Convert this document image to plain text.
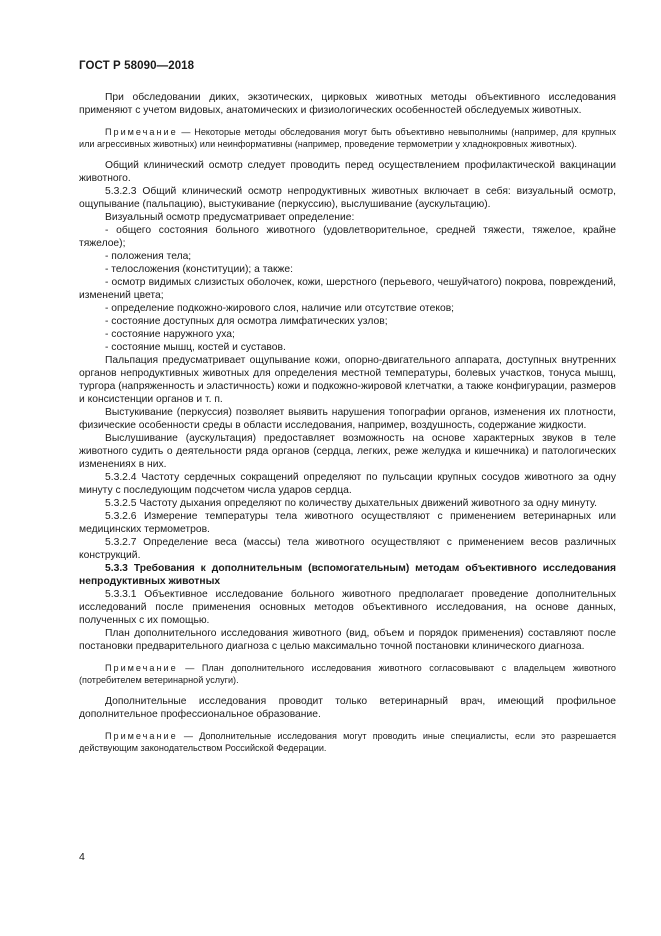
ГОСТ Р 58090—2018

При обследовании диких, экзотических, цирковых животных методы объективного исследования применяют с учетом видовых, анатомических и физиологических особенностей обследуемых животных.

Примечание — Некоторые методы обследования могут быть объективно невыполнимы (например, для крупных или агрессивных животных) или неинформативны (например, проведение термометрии у хладнокровных животных).

Общий клинический осмотр следует проводить перед осуществлением профилактической вакцинации животного.

5.3.2.3 Общий клинический осмотр непродуктивных животных включает в себя: визуальный осмотр, ощупывание (пальпацию), выстукивание (перкуссию), выслушивание (аускультацию).

Визуальный осмотр предусматривает определение:

- общего состояния больного животного (удовлетворительное, средней тяжести, тяжелое, крайне тяжелое);

- положения тела;

- телосложения (конституции); а также:

- осмотр видимых слизистых оболочек, кожи, шерстного (перьевого, чешуйчатого) покрова, повреждений, изменений цвета;

- определение подкожно-жирового слоя, наличие или отсутствие отеков;

- состояние доступных для осмотра лимфатических узлов;

- состояние наружного уха;

- состояние мышц, костей и суставов.

Пальпация предусматривает ощупывание кожи, опорно-двигательного аппарата, доступных внутренних органов непродуктивных животных для определения местной температуры, болевых участков, тонуса мышц, тургора (напряженность и эластичность) кожи и подкожно-жировой клетчатки, а также конфигурации, размеров и консистенции органов и т. п.

Выстукивание (перкуссия) позволяет выявить нарушения топографии органов, изменения их плотности, физические особенности среды в области исследования, например, воздушность, содержание жидкости.

Выслушивание (аускультация) предоставляет возможность на основе характерных звуков в теле животного судить о деятельности ряда органов (сердца, легких, реже желудка и кишечника) и патологических изменениях в них.

5.3.2.4 Частоту сердечных сокращений определяют по пульсации крупных сосудов животного за одну минуту с последующим подсчетом числа ударов сердца.

5.3.2.5 Частоту дыхания определяют по количеству дыхательных движений животного за одну минуту.

5.3.2.6 Измерение температуры тела животного осуществляют с применением ветеринарных или медицинских термометров.

5.3.2.7 Определение веса (массы) тела животного осуществляют с применением весов различных конструкций.

5.3.3 Требования к дополнительным (вспомогательным) методам объективного исследования непродуктивных животных

5.3.3.1 Объективное исследование больного животного предполагает проведение дополнительных исследований после применения основных методов объективного исследования, на основе данных, полученных с их помощью.

План дополнительного исследования животного (вид, объем и порядок применения) составляют после постановки предварительного диагноза с целью максимально точной постановки клинического диагноза.

Примечание — План дополнительного исследования животного согласовывают с владельцем животного (потребителем ветеринарной услуги).

Дополнительные исследования проводит только ветеринарный врач, имеющий профильное дополнительное профессиональное образование.

Примечание — Дополнительные исследования могут проводить иные специалисты, если это разрешается действующим законодательством Российской Федерации.

4
